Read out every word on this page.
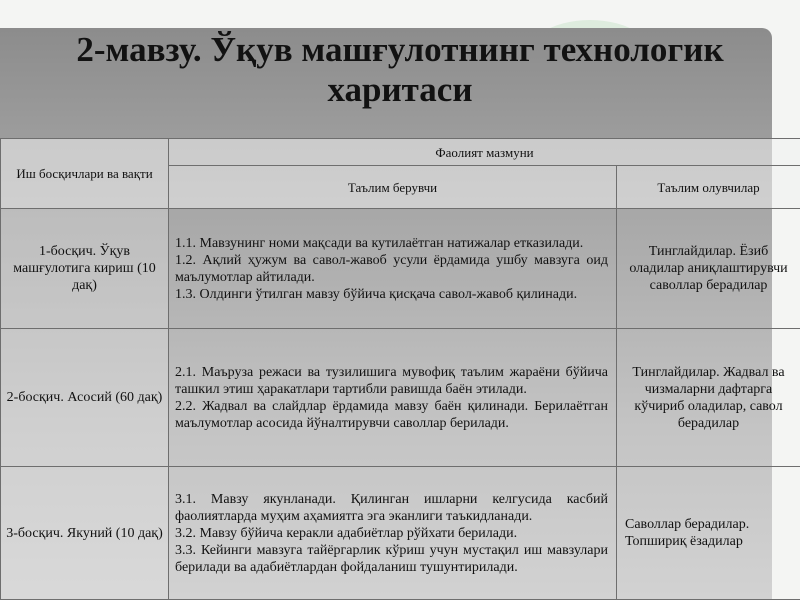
2-мавзу. Ўқув машғулотнинг технологик
харитаси
Иш босқичлари ва вақти	Фаолият мазмуни	
	Таълим берувчи	Таълим олувчилар
1-босқич. Ўқув машғулотига кириш (10 дақ)	1.1. Мавзунинг номи мақсади ва кутилаётган натижалар етказилади.
1.2. Ақлий ҳужум ва савол-жавоб усули ёрдамида ушбу мавзуга оид маълумотлар айтилади.
1.3. Олдинги ўтилган мавзу бўйича қисқача савол-жавоб қилинади.	Тинглайдилар. Ёзиб оладилар аниқлаштирувчи саволлар берадилар
2-босқич. Асосий (60 дақ)	2.1. Маъруза режаси ва тузилишига мувофиқ таълим жараёни бўйича ташкил этиш ҳаракатлари тартибли равишда баён этилади.
2.2. Жадвал ва слайдлар ёрдамида мавзу баён қилинади. Берилаётган маълумотлар асосида йўналтирувчи саволлар берилади.	Тинглайдилар. Жадвал ва чизмаларни дафтарга кўчириб оладилар, савол берадилар
3-босқич. Якуний (10 дақ)	3.1. Мавзу якунланади. Қилинган ишларни келгусида касбий фаолиятларда муҳим аҳамиятга эга эканлиги таъкидланади.
3.2. Мавзу бўйича керакли адабиётлар рўйхати берилади.
3.3. Кейинги мавзуга тайёргарлик кўриш учун мустақил иш мавзулари берилади ва адабиётлардан фойдаланиш тушунтирилади.	Саволлар берадилар. Топшириқ ёзадилар
